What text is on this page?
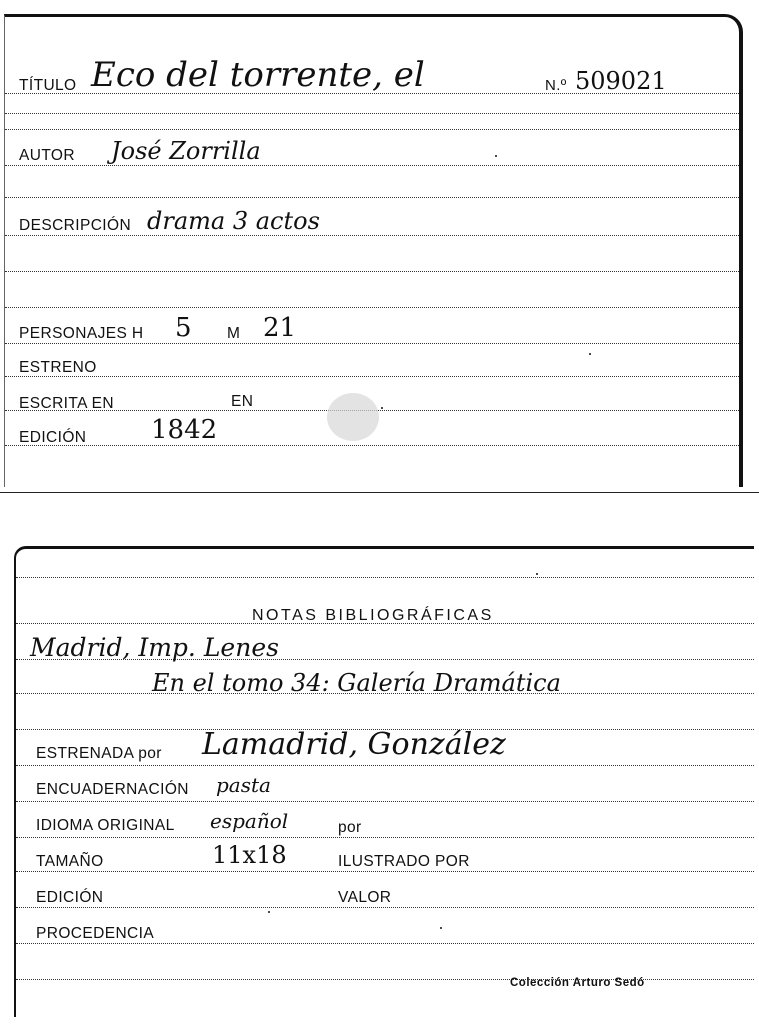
TÍTULO Eco del torrente, el	N.º 509021
AUTOR José Zorrilla
DESCRIPCIÓN drama 3 actos
PERSONAJES H 5 M 21
ESTRENO
ESCRITA EN	EN
EDICIÓN 1842
NOTAS BIBLIOGRÁFICAS
Madrid, Imp. Lenes
En el tomo 34: Galería Dramática
ESTRENADA por Lamadrid, González
ENCUADERNACIÓN pasta
IDIOMA ORIGINAL español	por
TAMAÑO	11x18	ILUSTRADO POR
EDICIÓN	VALOR
PROCEDENCIA
Colección Arturo Sedó
